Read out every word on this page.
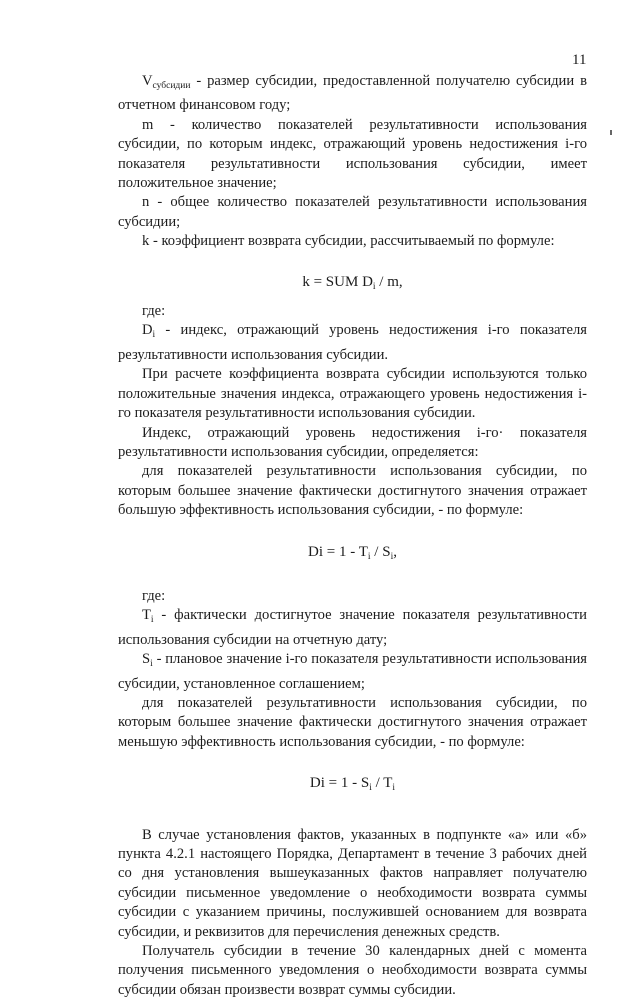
11

$V_{субсидии}$ - размер субсидии, предоставленной получателю субсидии в отчетном финансовом году;

m - количество показателей результативности использования субсидии, по которым индекс, отражающий уровень недостижения i-го показателя результативности использования субсидии, имеет положительное значение;

n - общее количество показателей результативности использования субсидии;

k - коэффициент возврата субсидии, рассчитываемый по формуле:

k = SUM $D_i$ / m,

где:

$D_i$ - индекс, отражающий уровень недостижения i-го показателя результативности использования субсидии.

При расчете коэффициента возврата субсидии используются только положительные значения индекса, отражающего уровень недостижения i-го показателя результативности использования субсидии.

Индекс, отражающий уровень недостижения i-го· показателя результативности использования субсидии, определяется:

для показателей результативности использования субсидии, по которым большее значение фактически достигнутого значения отражает большую эффективность использования субсидии, - по формуле:

$Di = 1 - T_i / S_i$,

где:

$T_i$ - фактически достигнутое значение показателя результативности использования субсидии на отчетную дату;

$S_i$ - плановое значение i-го показателя результативности использования субсидии, установленное соглашением;

для показателей результативности использования субсидии, по которым большее значение фактически достигнутого значения отражает меньшую эффективность использования субсидии, - по формуле:

$Di = 1 - S_i / T_i$

В случае установления фактов, указанных в подпункте «а» или «б» пункта 4.2.1 настоящего Порядка, Департамент в течение 3 рабочих дней со дня установления вышеуказанных фактов направляет получателю субсидии письменное уведомление о необходимости возврата суммы субсидии с указанием причины, послужившей основанием для возврата субсидии, и реквизитов для перечисления денежных средств.

Получатель субсидии в течение 30 календарных дней с момента получения письменного уведомления о необходимости возврата суммы субсидии обязан произвести возврат суммы субсидии.
